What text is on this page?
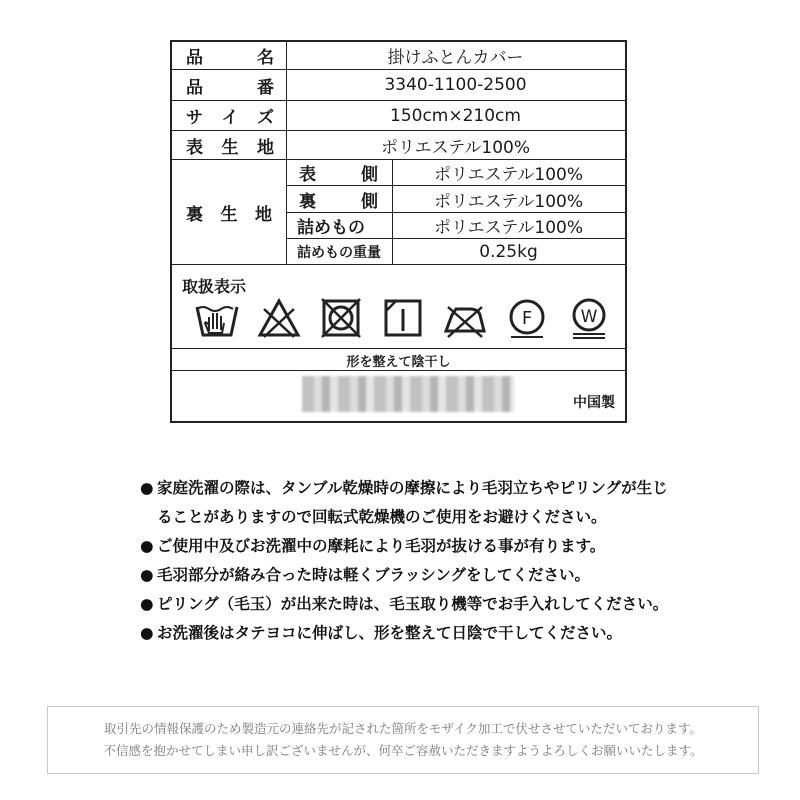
品	名	掛けふとんカバー
品	番	3340-1100-2500
サ イ ズ	150cm×210cm
表 生 地	ポリエステル100%
裏 生 地
表	側	ポリエステル100%
裏	側	ポリエステル100%
詰めもの	ポリエステル100%
詰めもの重量	0.25kg
取扱表示
F	W
形を整えて陰干し
中国製
● 家庭洗濯の際は、タンブル乾燥時の摩擦により毛羽立ちやピリングが生じることがありますので回転式乾燥機のご使用をお避けください。
● ご使用中及びお洗濯中の摩耗により毛羽が抜ける事が有ります。
● 毛羽部分が絡み合った時は軽くブラッシングをしてください。
● ピリング（毛玉）が出来た時は、毛玉取り機等でお手入れしてください。
● お洗濯後はタテヨコに伸ばし、形を整えて日陰で干してください。
取引先の情報保護のため製造元の連絡先が記された箇所をモザイク加工で伏せさせていただいております。
不信感を抱かせてしまい申し訳ございませんが、何卒ご容赦いただきますようよろしくお願いいたします。
